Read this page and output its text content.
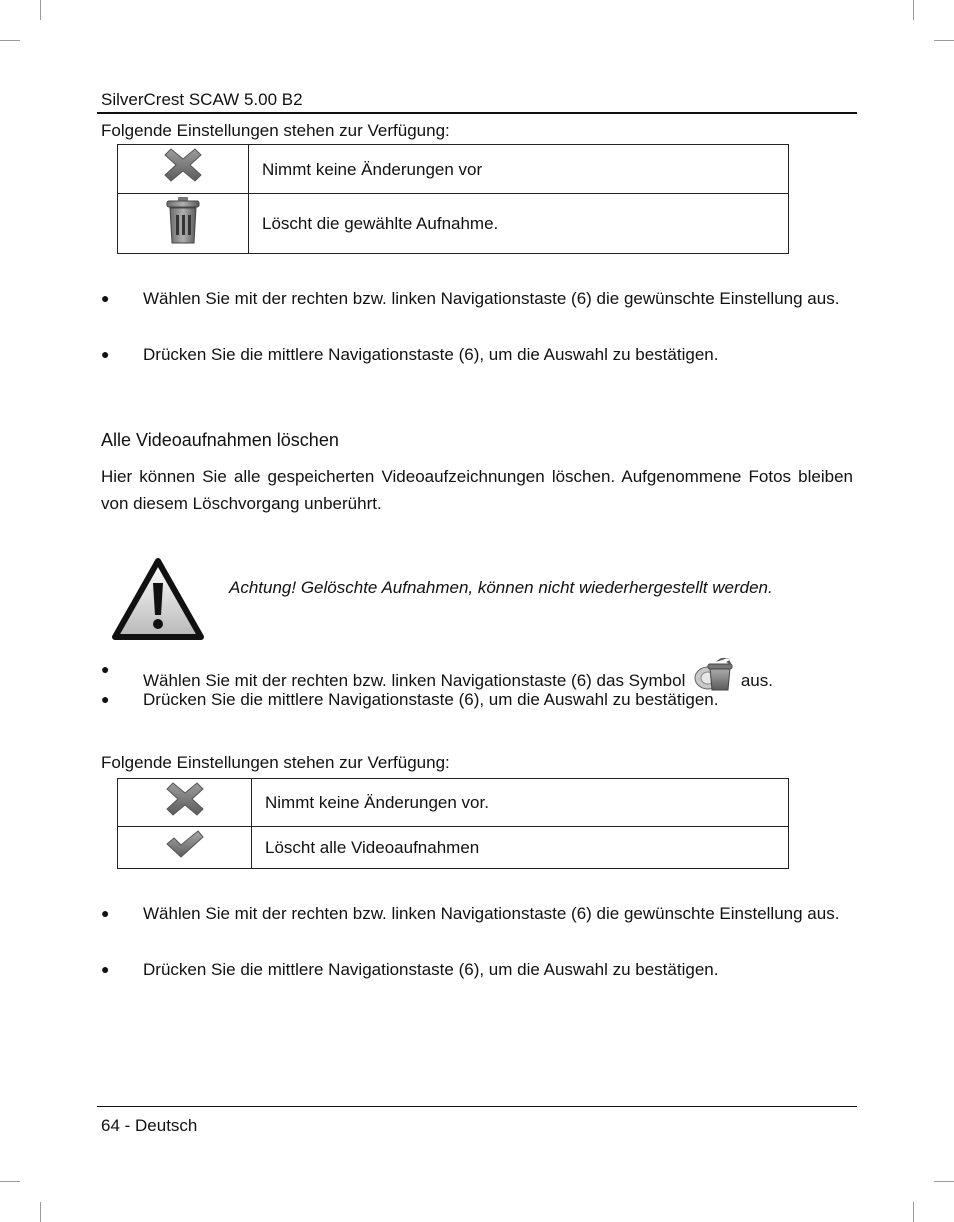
SilverCrest SCAW 5.00 B2
Folgende Einstellungen stehen zur Verfügung:
	Nimmt keine Änderungen vor
	Löscht die gewählte Aufnahme.
● Wählen Sie mit der rechten bzw. linken Navigationstaste (6) die gewünschte Einstellung aus.
● Drücken Sie die mittlere Navigationstaste (6), um die Auswahl zu bestätigen.
Alle Videoaufnahmen löschen
Hier können Sie alle gespeicherten Videoaufzeichnungen löschen. Aufgenommene Fotos bleiben von diesem Löschvorgang unberührt.
Achtung! Gelöschte Aufnahmen, können nicht wiederhergestellt werden.
●
Wählen Sie mit der rechten bzw. linken Navigationstaste (6) das Symbol	aus.
● Drücken Sie die mittlere Navigationstaste (6), um die Auswahl zu bestätigen.
Folgende Einstellungen stehen zur Verfügung:
	Nimmt keine Änderungen vor.
	Löscht alle Videoaufnahmen
● Wählen Sie mit der rechten bzw. linken Navigationstaste (6) die gewünschte Einstellung aus.
● Drücken Sie die mittlere Navigationstaste (6), um die Auswahl zu bestätigen.
64 - Deutsch
